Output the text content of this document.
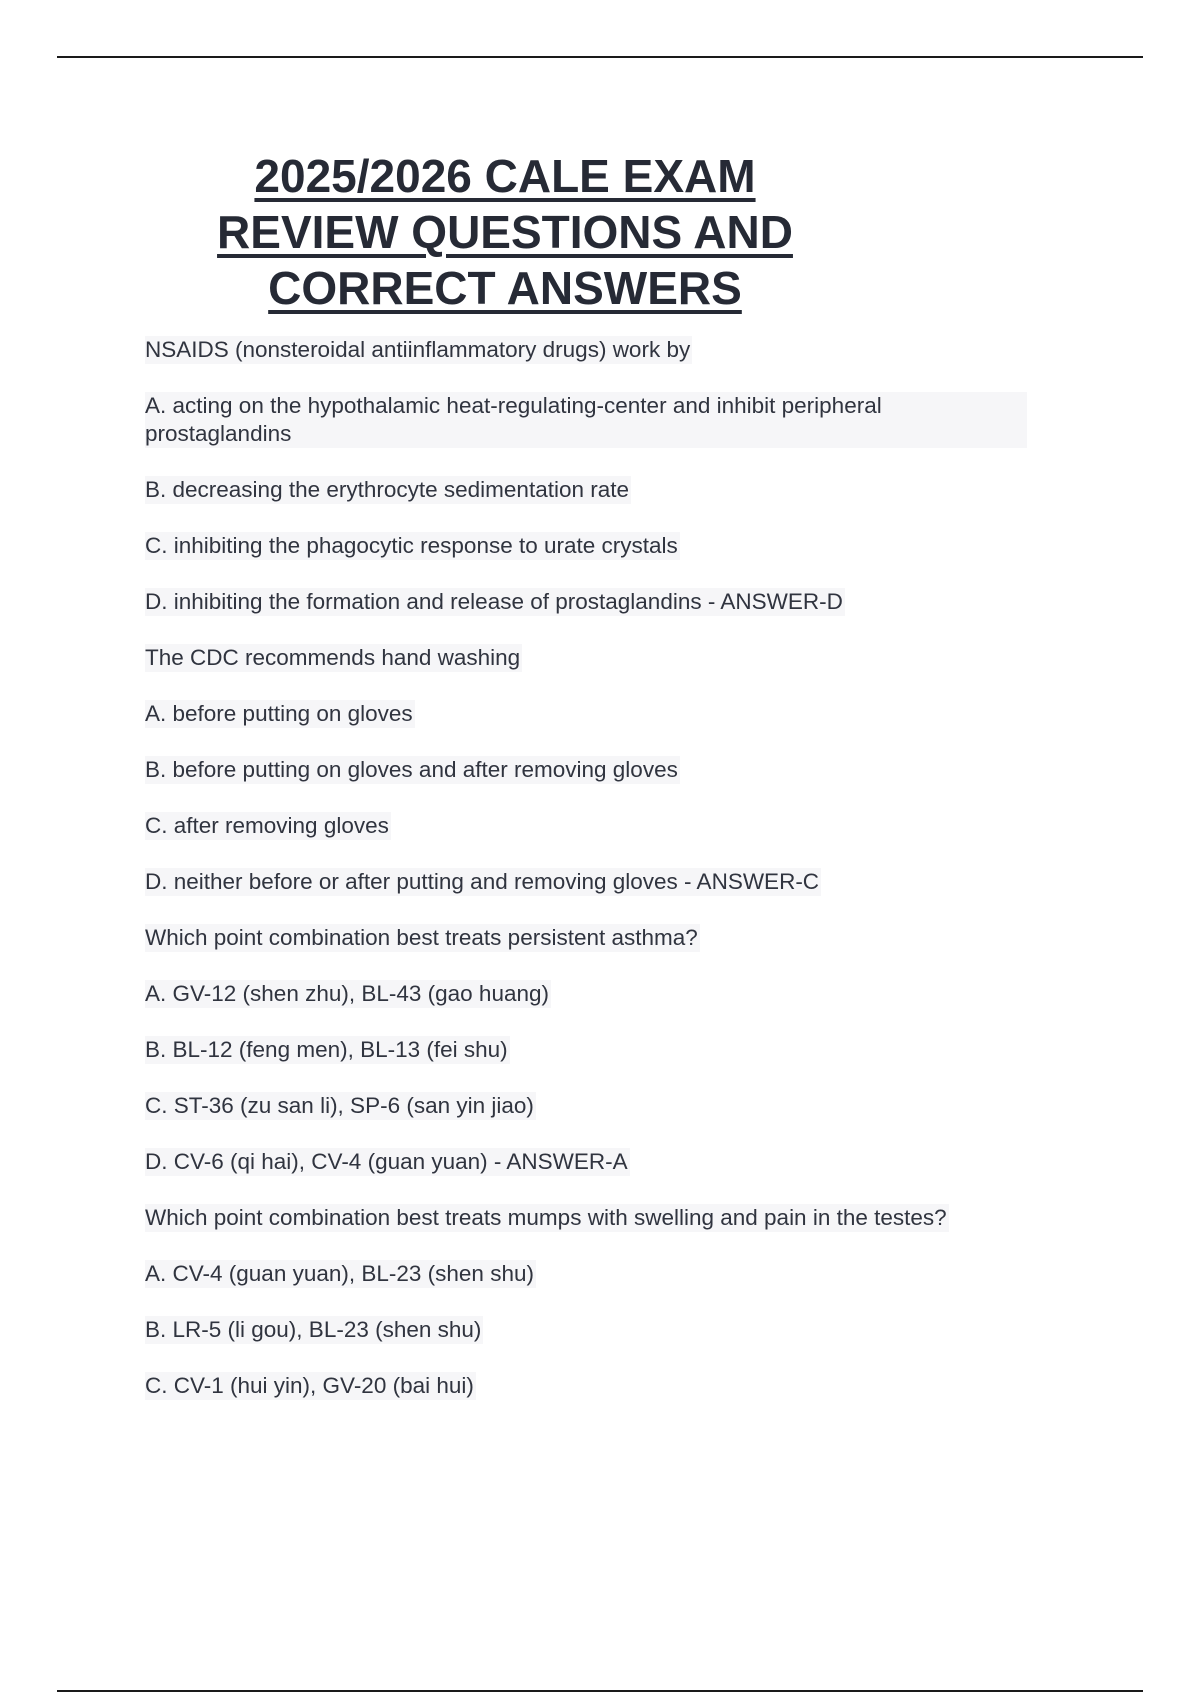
2025/2026 CALE EXAM
REVIEW QUESTIONS AND
CORRECT ANSWERS

NSAIDS (nonsteroidal antiinflammatory drugs) work by

A. acting on the hypothalamic heat-regulating-center and inhibit peripheral prostaglandins

B. decreasing the erythrocyte sedimentation rate

C. inhibiting the phagocytic response to urate crystals

D. inhibiting the formation and release of prostaglandins - ANSWER-D

The CDC recommends hand washing

A. before putting on gloves

B. before putting on gloves and after removing gloves

C. after removing gloves

D. neither before or after putting and removing gloves - ANSWER-C

Which point combination best treats persistent asthma?

A. GV-12 (shen zhu), BL-43 (gao huang)

B. BL-12 (feng men), BL-13 (fei shu)

C. ST-36 (zu san li), SP-6 (san yin jiao)

D. CV-6 (qi hai), CV-4 (guan yuan) - ANSWER-A

Which point combination best treats mumps with swelling and pain in the testes?

A. CV-4 (guan yuan), BL-23 (shen shu)

B. LR-5 (li gou), BL-23 (shen shu)

C. CV-1 (hui yin), GV-20 (bai hui)
